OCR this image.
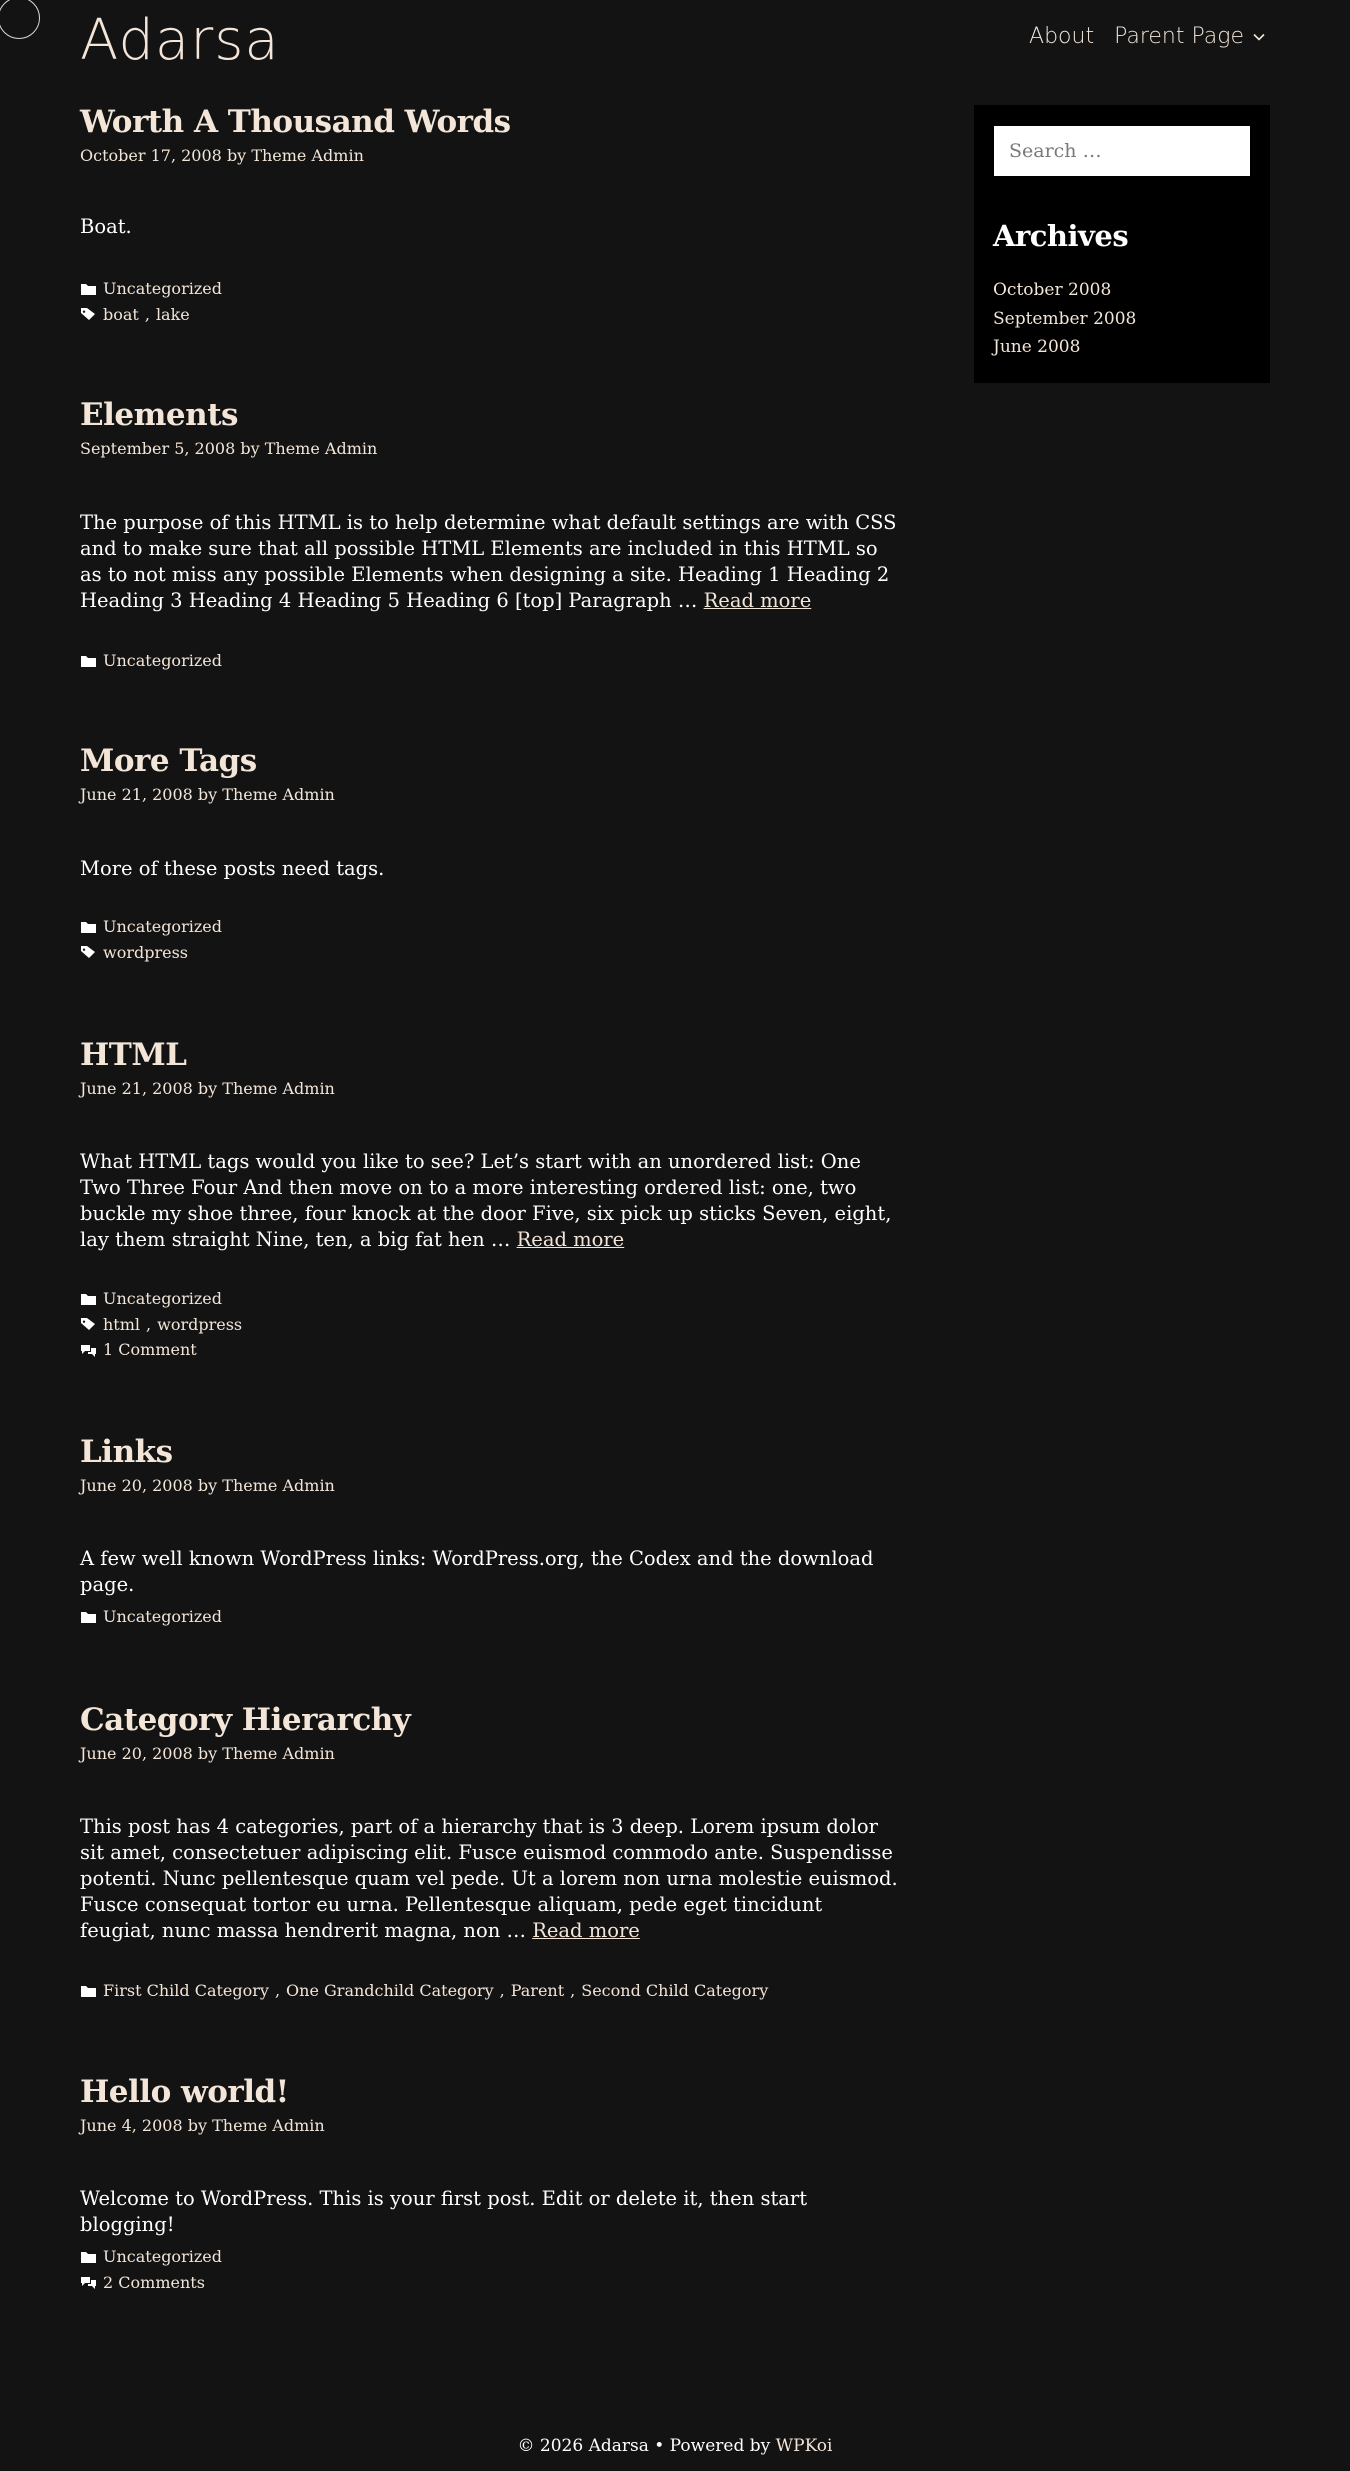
Adarsa	About Parent Page
Worth A Thousand Words
October 17, 2008 by Theme Admin
Boat.
Uncategorized
boat , lake
Elements
September 5, 2008 by Theme Admin
The purpose of this HTML is to help determine what default settings are with CSS and to make sure that all possible HTML Elements are included in this HTML so as to not miss any possible Elements when designing a site. Heading 1 Heading 2 Heading 3 Heading 4 Heading 5 Heading 6 [top] Paragraph … Read more
Uncategorized
More Tags
June 21, 2008 by Theme Admin
More of these posts need tags.
Uncategorized
wordpress
HTML
June 21, 2008 by Theme Admin
What HTML tags would you like to see? Let’s start with an unordered list: One Two Three Four And then move on to a more interesting ordered list: one, two buckle my shoe three, four knock at the door Five, six pick up sticks Seven, eight, lay them straight Nine, ten, a big fat hen … Read more
Uncategorized
html , wordpress
1 Comment
Links
June 20, 2008 by Theme Admin
A few well known WordPress links: WordPress.org, the Codex and the download page.
Uncategorized
Category Hierarchy
June 20, 2008 by Theme Admin
This post has 4 categories, part of a hierarchy that is 3 deep. Lorem ipsum dolor sit amet, consectetuer adipiscing elit. Fusce euismod commodo ante. Suspendisse potenti. Nunc pellentesque quam vel pede. Ut a lorem non urna molestie euismod. Fusce consequat tortor eu urna. Pellentesque aliquam, pede eget tincidunt feugiat, nunc massa hendrerit magna, non … Read more
First Child Category , One Grandchild Category , Parent , Second Child Category
Hello world!
June 4, 2008 by Theme Admin
Welcome to WordPress. This is your first post. Edit or delete it, then start blogging!
Uncategorized
2 Comments
Search …
Archives
October 2008
September 2008
June 2008
© 2026 Adarsa • Powered by WPKoi
